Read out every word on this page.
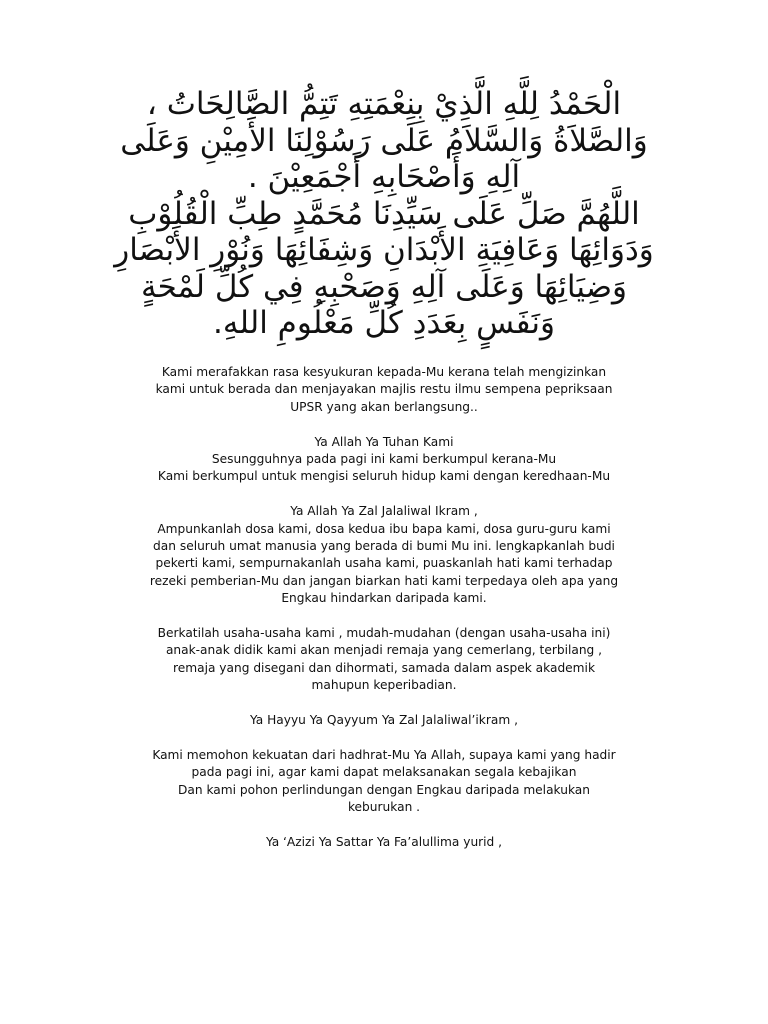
الْحَمْدُ لِلَّهِ الَّذِيْ بِنِعْمَتِهِ تَتِمُّ الصَّالِحَاتُ ،
وَالصَّلاَةُ وَالسَّلاَمُ عَلَى رَسُوْلِنَا الأَمِيْنِ وَعَلَى
آلِهِ وَأَصْحَابِهِ أَجْمَعِيْنَ .
اللَّهُمَّ صَلِّ عَلَى سَيِّدِنَا مُحَمَّدٍ طِبِّ الْقُلُوْبِ
وَدَوَائِهَا وَعَافِيَةِ الأَبْدَانِ وَشِفَائِهَا وَنُوْرِ الأَبْصَارِ
وَضِيَائِهَا وَعَلَى آلِهِ وَصَحْبِهِ فِي كُلِّ لَمْحَةٍ
وَنَفَسٍ بِعَدَدِ كُلِّ مَعْلُومِ اللهِ.
Kami merafakkan rasa kesyukuran kepada-Mu kerana telah mengizinkan
kami untuk berada dan menjayakan majlis restu ilmu sempena pepriksaan
UPSR yang akan berlangsung..
Ya Allah Ya Tuhan Kami
Sesungguhnya pada pagi ini kami berkumpul kerana-Mu
Kami berkumpul untuk mengisi seluruh hidup kami dengan keredhaan-Mu
Ya Allah Ya Zal Jalaliwal Ikram ,
Ampunkanlah dosa kami, dosa kedua ibu bapa kami, dosa guru-guru kami
dan seluruh umat manusia yang berada di bumi Mu ini. lengkapkanlah budi
pekerti kami, sempurnakanlah usaha kami, puaskanlah hati kami terhadap
rezeki pemberian-Mu dan jangan biarkan hati kami terpedaya oleh apa yang
Engkau hindarkan daripada kami.
Berkatilah usaha-usaha kami , mudah-mudahan (dengan usaha-usaha ini)
anak-anak didik kami akan menjadi remaja yang cemerlang, terbilang ,
remaja yang disegani dan dihormati, samada dalam aspek akademik
mahupun keperibadian.
Ya Hayyu Ya Qayyum Ya Zal Jalaliwal’ikram ,
Kami memohon kekuatan dari hadhrat-Mu Ya Allah, supaya kami yang hadir
pada pagi ini, agar kami dapat melaksanakan segala kebajikan
Dan kami pohon perlindungan dengan Engkau daripada melakukan
keburukan .
Ya ‘Azizi Ya Sattar Ya Fa’alullima yurid ,
